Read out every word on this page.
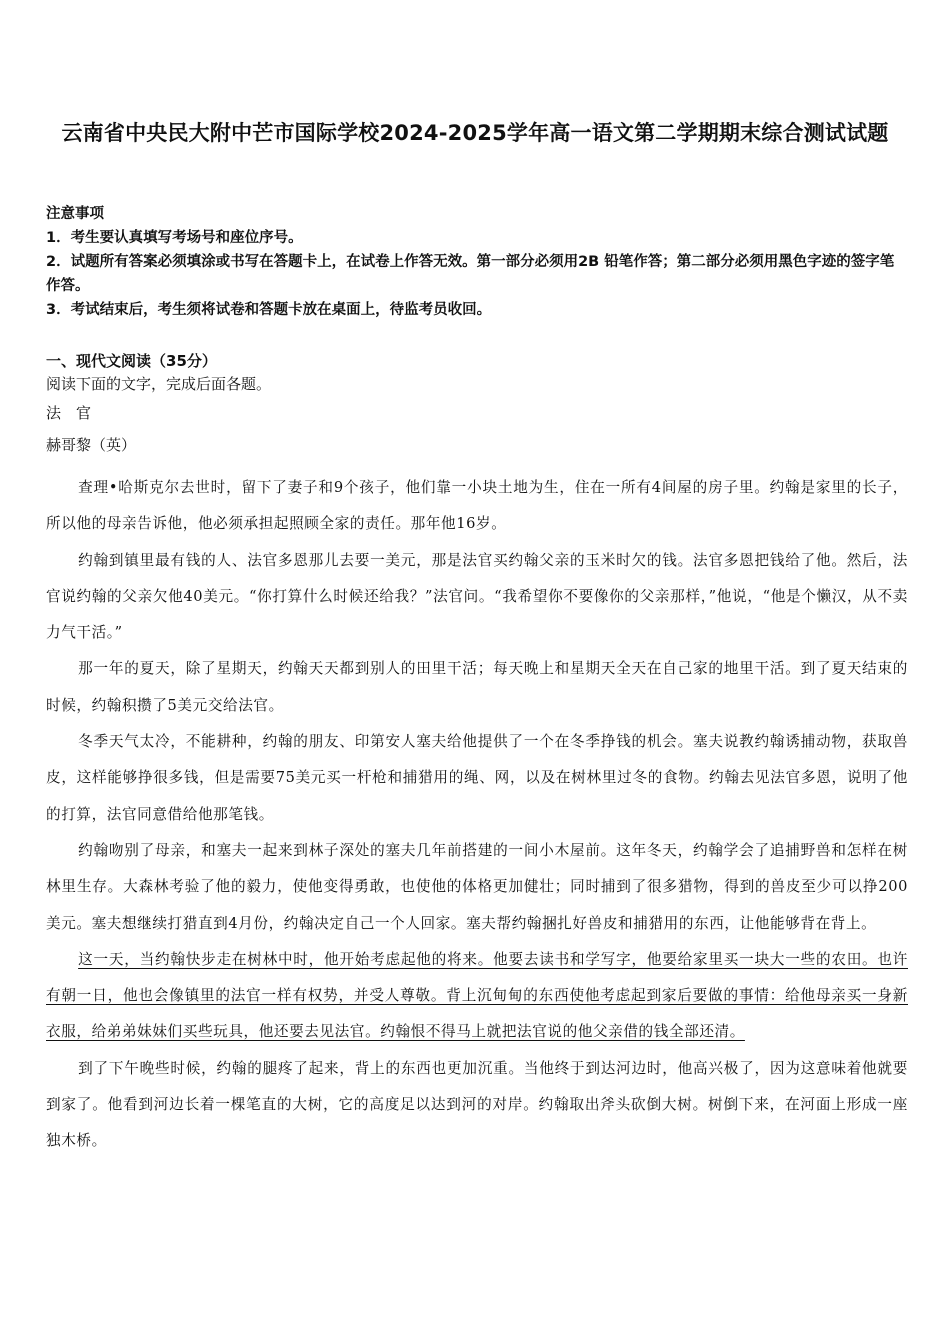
云南省中央民大附中芒市国际学校2024-2025学年高一语文第二学期期末综合测试试题
注意事项
1．考生要认真填写考场号和座位序号。
2．试题所有答案必须填涂或书写在答题卡上，在试卷上作答无效。第一部分必须用2B 铅笔作答；第二部分必须用黑色字迹的签字笔作答。
3．考试结束后，考生须将试卷和答题卡放在桌面上，待监考员收回。
一、现代文阅读（35分）
阅读下面的文字，完成后面各题。
法　官
赫哥黎（英）

查理•哈斯克尔去世时，留下了妻子和9个孩子，他们靠一小块土地为生，住在一所有4间屋的房子里。约翰是家里的长子，所以他的母亲告诉他，他必须承担起照顾全家的责任。那年他16岁。

约翰到镇里最有钱的人、法官多恩那儿去要一美元，那是法官买约翰父亲的玉米时欠的钱。法官多恩把钱给了他。然后，法官说约翰的父亲欠他40美元。“你打算什么时候还给我？”法官问。“我希望你不要像你的父亲那样，”他说，“他是个懒汉，从不卖力气干活。”

那一年的夏天，除了星期天，约翰天天都到别人的田里干活；每天晚上和星期天全天在自己家的地里干活。到了夏天结束的时候，约翰积攒了5美元交给法官。

冬季天气太冷，不能耕种，约翰的朋友、印第安人塞夫给他提供了一个在冬季挣钱的机会。塞夫说教约翰诱捕动物，获取兽皮，这样能够挣很多钱，但是需要75美元买一杆枪和捕猎用的绳、网，以及在树林里过冬的食物。约翰去见法官多恩，说明了他的打算，法官同意借给他那笔钱。

约翰吻别了母亲，和塞夫一起来到林子深处的塞夫几年前搭建的一间小木屋前。这年冬天，约翰学会了追捕野兽和怎样在树林里生存。大森林考验了他的毅力，使他变得勇敢，也使他的体格更加健壮；同时捕到了很多猎物，得到的兽皮至少可以挣200美元。塞夫想继续打猎直到4月份，约翰决定自己一个人回家。塞夫帮约翰捆扎好兽皮和捕猎用的东西，让他能够背在背上。

这一天，当约翰快步走在树林中时，他开始考虑起他的将来。他要去读书和学写字，他要给家里买一块大一些的农田。也许有朝一日，他也会像镇里的法官一样有权势，并受人尊敬。背上沉甸甸的东西使他考虑起到家后要做的事情：给他母亲买一身新衣服，给弟弟妹妹们买些玩具，他还要去见法官。约翰恨不得马上就把法官说的他父亲借的钱全部还清。

到了下午晚些时候，约翰的腿疼了起来，背上的东西也更加沉重。当他终于到达河边时，他高兴极了，因为这意味着他就要到家了。他看到河边长着一棵笔直的大树，它的高度足以达到河的对岸。约翰取出斧头砍倒大树。树倒下来，在河面上形成一座独木桥。
